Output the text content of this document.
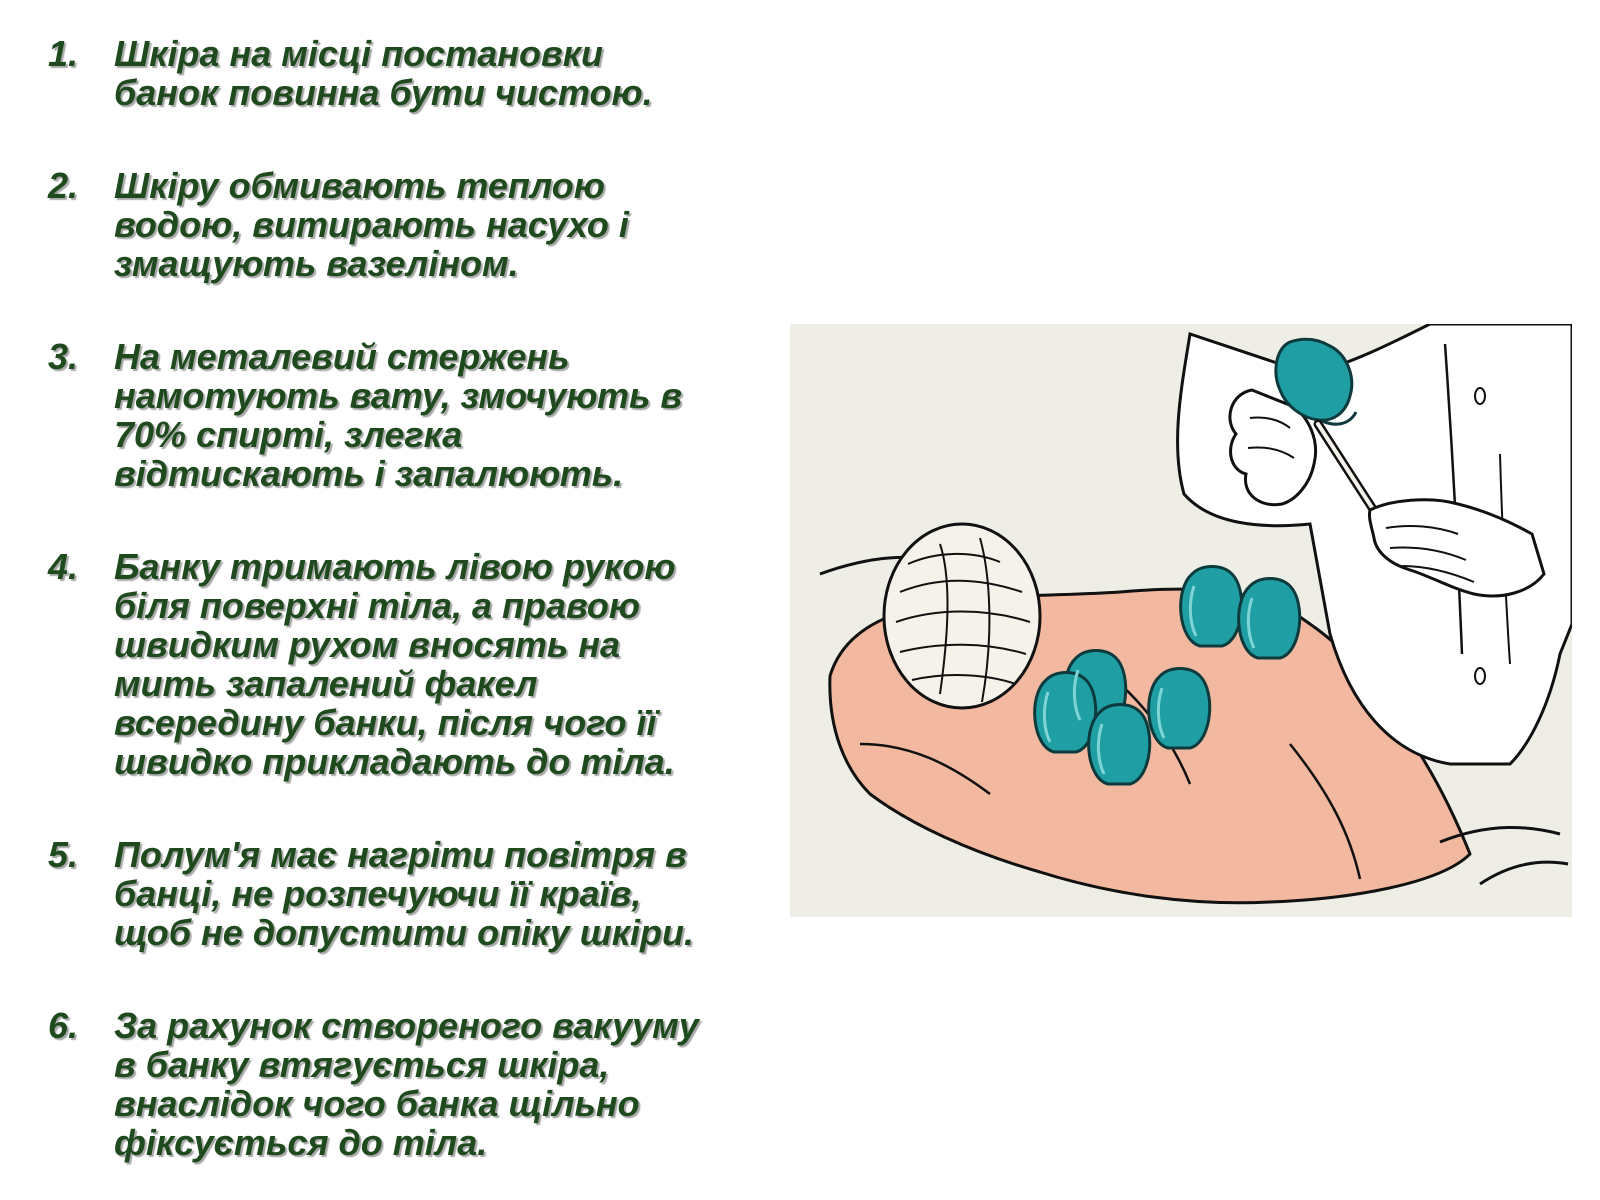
1. Шкіра на місці постановки
банок повинна бути чистою.
2. Шкіру обмивають теплою
водою, витирають насухо і
змащують вазеліном.
3. На металевий стержень
намотують вату, змочують в
70% спирті, злегка
відтискають і запалюють.
4. Банку тримають лівою рукою
біля поверхні тіла, а правою
швидким рухом вносять на
мить запалений факел
всередину банки, після чого її
швидко прикладають до тіла.
5. Полум'я має нагріти повітря в
банці, не розпечуючи її країв,
щоб не допустити опіку шкіри.
6. За рахунок створеного вакууму
в банку втягується шкіра,
внаслідок чого банка щільно
фіксується до тіла.
